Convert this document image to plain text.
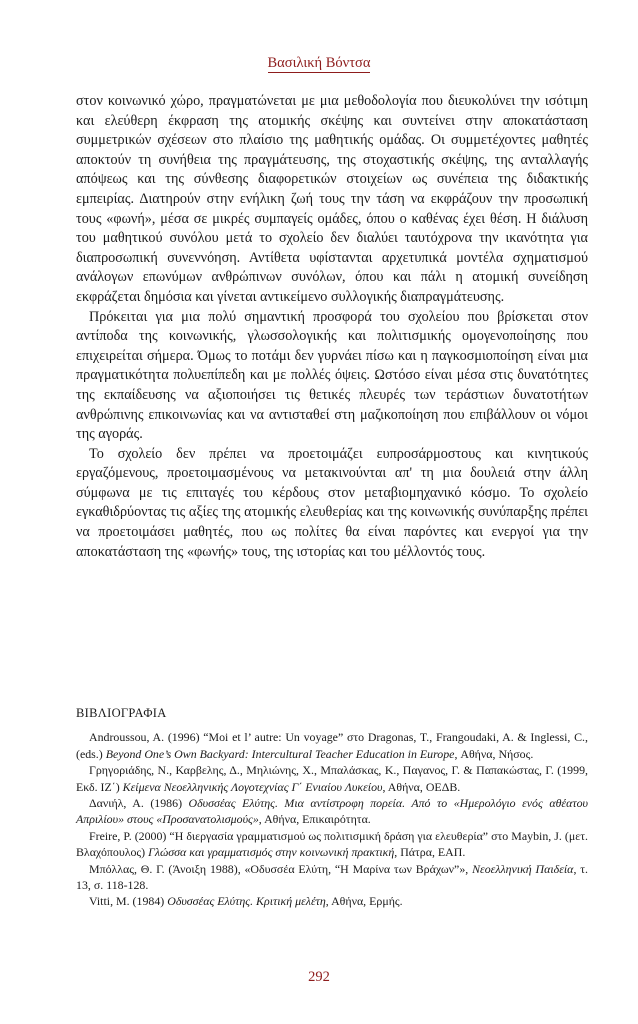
Βασιλική Βόντσα

στον κοινωνικό χώρο, πραγματώνεται με μια μεθοδολογία που διευκολύνει την ισότιμη και ελεύθερη έκφραση της ατομικής σκέψης και συντείνει στην αποκατάσταση συμμετρικών σχέσεων στο πλαίσιο της μαθητικής ομάδας. Οι συμμετέχοντες μαθητές αποκτούν τη συνήθεια της πραγμάτευσης, της στοχαστικής σκέψης, της ανταλλαγής απόψεως και της σύνθεσης διαφορετικών στοιχείων ως συνέπεια της διδακτικής εμπειρίας. Διατηρούν στην ενήλικη ζωή τους την τάση να εκφράζουν την προσωπική τους «φωνή», μέσα σε μικρές συμπαγείς ομάδες, όπου ο καθένας έχει θέση. Η διάλυση του μαθητικού συνόλου μετά το σχολείο δεν διαλύει ταυτόχρονα την ικανότητα για διαπροσωπική συνεννόηση. Αντίθετα υφίστανται αρχετυπικά μοντέλα σχηματισμού ανάλογων επωνύμων ανθρώπινων συνόλων, όπου και πάλι η ατομική συνείδηση εκφράζεται δημόσια και γίνεται αντικείμενο συλλογικής διαπραγμάτευσης.

Πρόκειται για μια πολύ σημαντική προσφορά του σχολείου που βρίσκεται στον αντίποδα της κοινωνικής, γλωσσολογικής και πολιτισμικής ομογενοποίησης που επιχειρείται σήμερα. Όμως το ποτάμι δεν γυρνάει πίσω και η παγκοσμιοποίηση είναι μια πραγματικότητα πολυεπίπεδη και με πολλές όψεις. Ωστόσο είναι μέσα στις δυνατότητες της εκπαίδευσης να αξιοποιήσει τις θετικές πλευρές των τεράστιων δυνατοτήτων ανθρώπινης επικοινωνίας και να αντισταθεί στη μαζικοποίηση που επιβάλλουν οι νόμοι της αγοράς.

Το σχολείο δεν πρέπει να προετοιμάζει ευπροσάρμοστους και κινητικούς εργαζόμενους, προετοιμασμένους να μετακινούνται απ' τη μια δουλειά στην άλλη σύμφωνα με τις επιταγές του κέρδους στον μεταβιομηχανικό κόσμο. Το σχολείο εγκαθιδρύοντας τις αξίες της ατομικής ελευθερίας και της κοινωνικής συνύπαρξης πρέπει να προετοιμάσει μαθητές, που ως πολίτες θα είναι παρόντες και ενεργοί για την αποκατάσταση της «φωνής» τους, της ιστορίας και του μέλλοντός τους.

ΒΙΒΛΙΟΓΡΑΦΙΑ

Androussou, A. (1996) “Moi et l’ autre: Un voyage” στο Dragonas, T., Frangoudaki, A. & Inglessi, C., (eds.) Beyond One’s Own Backyard: Intercultural Teacher Education in Europe, Αθήνα, Νήσος.

Γρηγοριάδης, Ν., Καρβελης, Δ., Μηλιώνης, Χ., Μπαλάσκας, Κ., Παγανος, Γ. & Παπακώστας, Γ. (1999, Εκδ. ΙΖ΄) Κείμενα Νεοελληνικής Λογοτεχνίας Γ΄ Ενιαίου Λυκείου, Αθήνα, ΟΕΔΒ.

Δανιήλ, Α. (1986) Οδυσσέας Ελύτης. Μια αντίστροφη πορεία. Από το «Ημερολόγιο ενός αθέατου Απριλίου» στους «Προσανατολισμούς», Αθήνα, Επικαιρότητα.

Freire, P. (2000) “Η διεργασία γραμματισμού ως πολιτισμική δράση για ελευθερία” στο Maybin, J. (μετ. Βλαχόπουλος) Γλώσσα και γραμματισμός στην κοινωνική πρακτική, Πάτρα, ΕΑΠ.

Μπόλλας, Θ. Γ. (Άνοιξη 1988), «Οδυσσέα Ελύτη, “Η Μαρίνα των Βράχων”», Νεοελληνική Παιδεία, τ. 13, σ. 118-128.

Vitti, M. (1984) Οδυσσέας Ελύτης. Κριτική μελέτη, Αθήνα, Ερμής.

292
